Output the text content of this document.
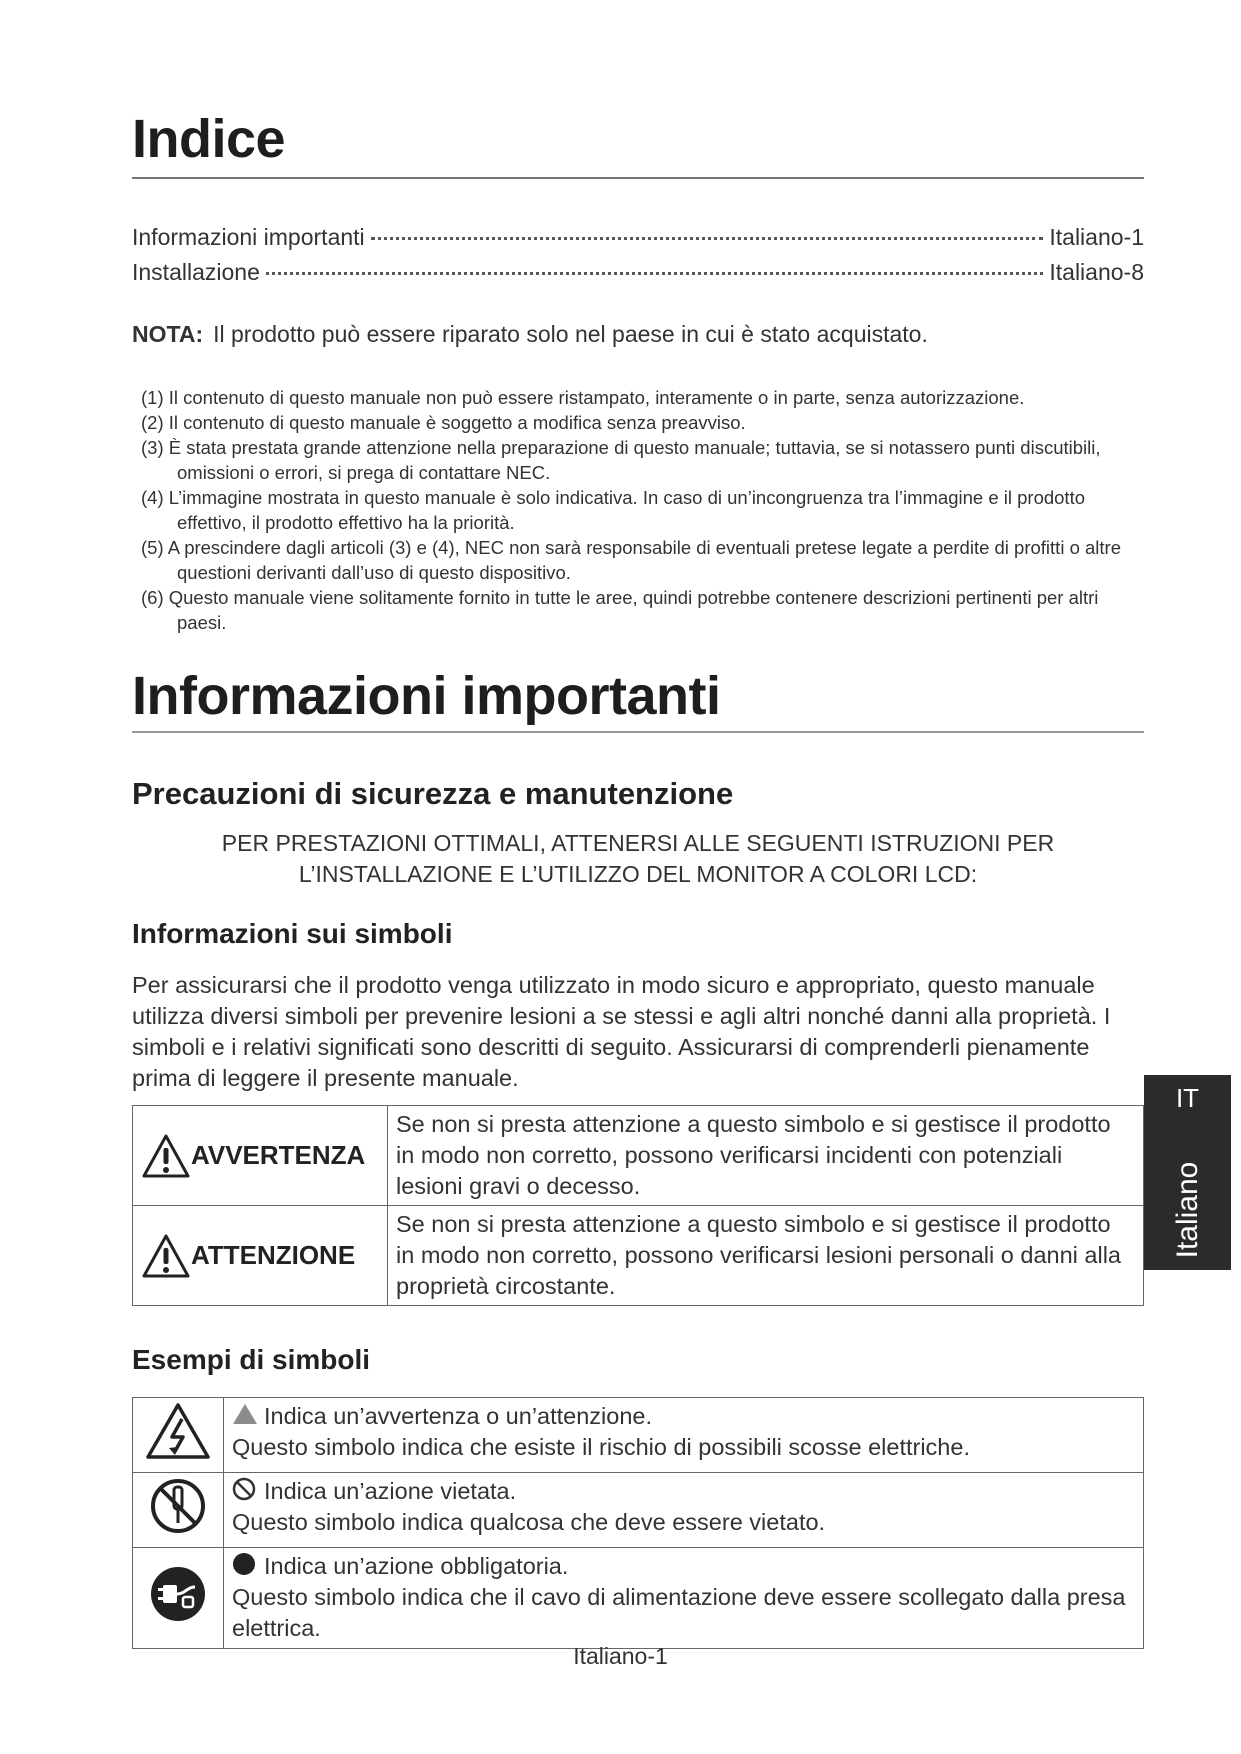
Indice
Informazioni importanti	Italiano-1
Installazione	Italiano-8
NOTA: Il prodotto può essere riparato solo nel paese in cui è stato acquistato.
(1) Il contenuto di questo manuale non può essere ristampato, interamente o in parte, senza autorizzazione.
(2) Il contenuto di questo manuale è soggetto a modifica senza preavviso.
(3) È stata prestata grande attenzione nella preparazione di questo manuale; tuttavia, se si notassero punti discutibili, omissioni o errori, si prega di contattare NEC.
(4) L’immagine mostrata in questo manuale è solo indicativa. In caso di un’incongruenza tra l’immagine e il prodotto effettivo, il prodotto effettivo ha la priorità.
(5) A prescindere dagli articoli (3) e (4), NEC non sarà responsabile di eventuali pretese legate a perdite di profitti o altre questioni derivanti dall’uso di questo dispositivo.
(6) Questo manuale viene solitamente fornito in tutte le aree, quindi potrebbe contenere descrizioni pertinenti per altri paesi.
Informazioni importanti
Precauzioni di sicurezza e manutenzione
PER PRESTAZIONI OTTIMALI, ATTENERSI ALLE SEGUENTI ISTRUZIONI PER
L’INSTALLAZIONE E L’UTILIZZO DEL MONITOR A COLORI LCD:
Informazioni sui simboli
Per assicurarsi che il prodotto venga utilizzato in modo sicuro e appropriato, questo manuale utilizza diversi simboli per prevenire lesioni a se stessi e agli altri nonché danni alla proprietà. I simboli e i relativi significati sono descritti di seguito. Assicurarsi di comprenderli pienamente prima di leggere il presente manuale.
AVVERTENZA	Se non si presta attenzione a questo simbolo e si gestisce il prodotto in modo non corretto, possono verificarsi incidenti con potenziali lesioni gravi o decesso.

ATTENZIONE	Se non si presta attenzione a questo simbolo e si gestisce il prodotto in modo non corretto, possono verificarsi lesioni personali o danni alla proprietà circostante.
IT
Italiano
Esempi di simboli

Indica un’avvertenza o un’attenzione.
Questo simbolo indica che esiste il rischio di possibili scosse elettriche.

Indica un’azione vietata.
Questo simbolo indica qualcosa che deve essere vietato.

Indica un’azione obbligatoria.
Questo simbolo indica che il cavo di alimentazione deve essere scollegato dalla presa elettrica.
Italiano-1
